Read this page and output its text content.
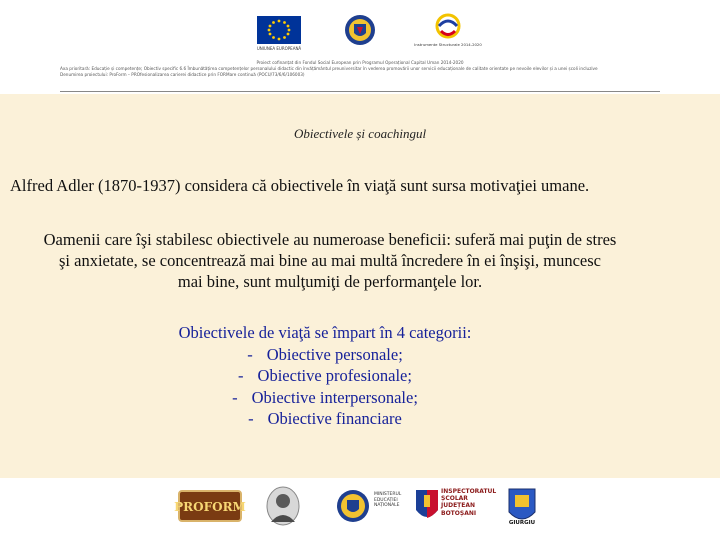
UNIUNEA EUROPEANĂ
Instrumente Structurale 2014-2020
Proiect cofinanțat din Fondul Social European prin Programul Operațional Capital Uman 2014-2020
Axa prioritară: Educație și competențe; Obiectiv specific 6.6 Îmbunătățirea competențelor personalului didactic din învățământul preuniversitar în vederea promovării unor servicii educaționale de calitate orientate pe nevoile elevilor și a unei școli incluzive
Denumirea proiectului: ProForm – PROfesionalizarea carierei didactice prin FORMare continuă (POCU/73/6/6/106003)
Obiectivele și coachingul
Alfred Adler (1870-1937) considera că obiectivele în viaţă sunt sursa motivaţiei umane.
Oamenii care îşi stabilesc obiectivele au numeroase beneficii: suferă mai puţin de stres
şi anxietate, se concentrează mai bine au mai multă încredere în ei înşişi, muncesc
mai bine, sunt mulţumiţi de performanţele lor.
Obiectivele de viaţă se împart în 4 categorii:
- Obiective personale;
- Obiective profesionale;
- Obiective interpersonale;
- Obiective financiare
PROFORM
MINISTERUL EDUCAȚIEI NAȚIONALE
INSPECTORATUL
ȘCOLAR
JUDEȚEAN
BOTOȘANI
GIURGIU
